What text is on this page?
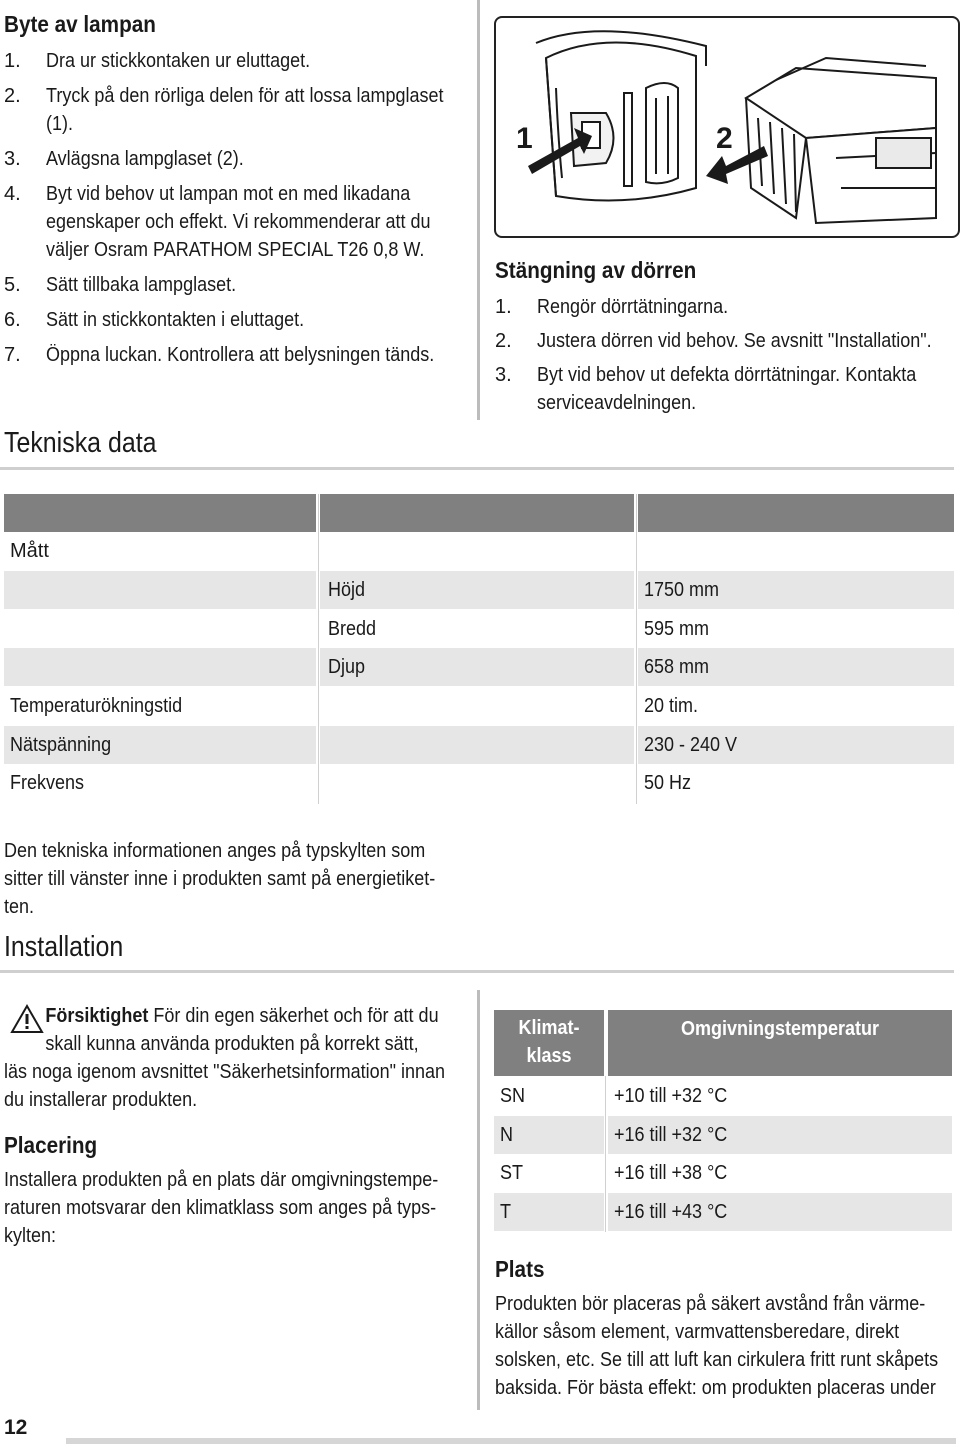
Byte av lampan
1. Dra ur stickkontaken ur eluttaget.
2. Tryck på den rörliga delen för att lossa lampglaset
(1).
3. Avlägsna lampglaset (2).
4. Byt vid behov ut lampan mot en med likadana
egenskaper och effekt. Vi rekommenderar att du
väljer Osram PARATHOM SPECIAL T26 0,8 W.
5. Sätt tillbaka lampglaset.
6. Sätt in stickkontakten i eluttaget.
7. Öppna luckan. Kontrollera att belysningen tänds.
1	2
Stängning av dörren
1. Rengör dörrtätningarna.
2. Justera dörren vid behov. Se avsnitt "Installation".
3. Byt vid behov ut defekta dörrtätningar. Kontakta
serviceavdelningen.
Tekniska data
Mått
Höjd	1750 mm
Bredd	595 mm
Djup	658 mm
Temperaturökningstid	20 tim.
Nätspänning	230 - 240 V
Frekvens	50 Hz
Den tekniska informationen anges på typskylten som
sitter till vänster inne i produkten samt på energietiket-
ten.
Installation
Försiktighet För din egen säkerhet och för att du
skall kunna använda produkten på korrekt sätt,
läs noga igenom avsnittet "Säkerhetsinformation" innan
du installerar produkten.
Placering
Installera produkten på en plats där omgivningstempe-
raturen motsvarar den klimatklass som anges på typs-
kylten:
Klimat-
klass
Omgivningstemperatur
SN	+10 till +32 °C
N	+16 till +32 °C
ST	+16 till +38 °C
T	+16 till +43 °C
Plats
Produkten bör placeras på säkert avstånd från värme-
källor såsom element, varmvattensberedare, direkt
solsken, etc. Se till att luft kan cirkulera fritt runt skåpets
baksida. För bästa effekt: om produkten placeras under
12
